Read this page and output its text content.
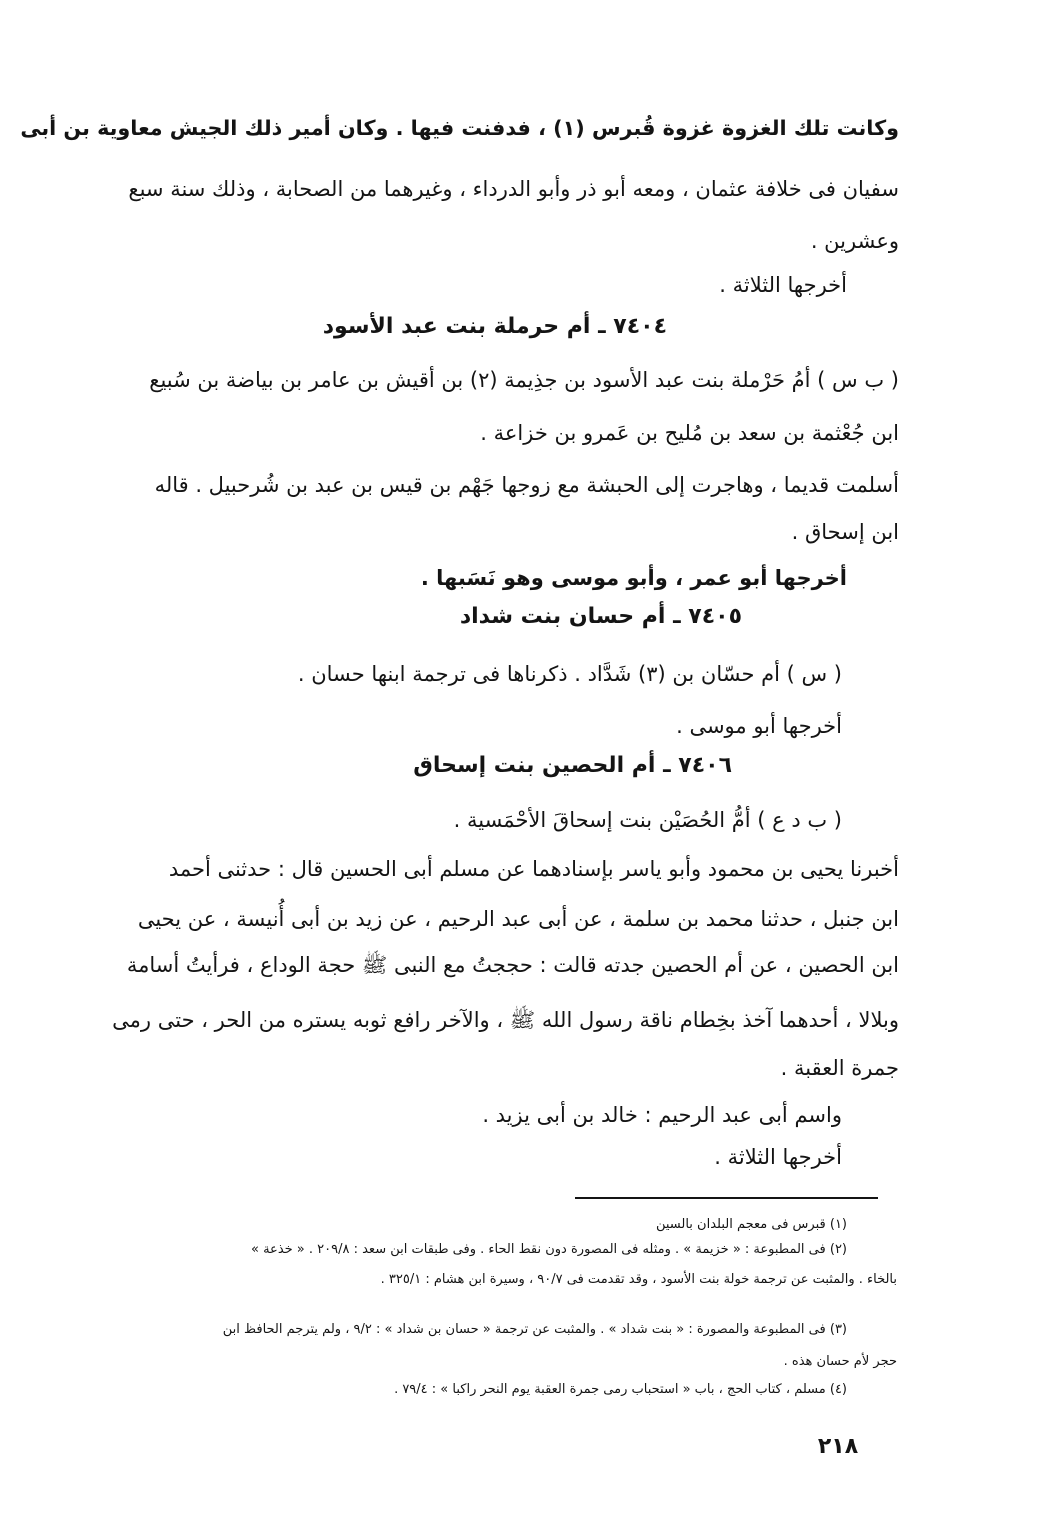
وكانت تلك الغزوة غزوة قُبرس (١) ، فدفنت فيها . وكان أمير ذلك الجيش معاوية بن أبى
سفيان فى خلافة عثمان ، ومعه أبو ذر وأبو الدرداء ، وغيرهما من الصحابة ، وذلك سنة سبع
وعشرين .
أخرجها الثلاثة .
٧٤٠٤ ـ أم حرملة بنت عبد الأسود
( ب س ) أمُ حَرْملة بنت عبد الأسود بن جذِيمة (٢) بن أقيش بن عامر بن بياضة بن سُبيع
ابن جُعْثمة بن سعد بن مُليح بن عَمرو بن خزاعة .
أسلمت قديما ، وهاجرت إلى الحبشة مع زوجها جَهْم بن قيس بن عبد بن شُرحبيل . قاله
ابن إسحاق .
أخرجها أبو عمر ، وأبو موسى وهو نَسَبها .
٧٤٠٥ ـ أم حسان بنت شداد
( س ) أم حسّان بن (٣) شَدَّاد . ذكرناها فى ترجمة ابنها حسان .
أخرجها أبو موسى .
٧٤٠٦ ـ أم الحصين بنت إسحاق
( ب د ع ) أمُّ الحُصَيْن بنت إسحاقَ الأحْمَسية .
أخبرنا يحيى بن محمود وأبو ياسر بإسنادهما عن مسلم أبى الحسين قال : حدثنى أحمد
ابن جنبل ، حدثنا محمد بن سلمة ، عن أبى عبد الرحيم ، عن زيد بن أبى أُنيسة ، عن يحيى
ابن الحصين ، عن أم الحصين جدته قالت : حججتُ مع النبى ﷺ حجة الوداع ، فرأيتُ أسامة
وبلالا ، أحدهما آخذ بخِطام ناقة رسول الله ﷺ ، والآخر رافع ثوبه يستره من الحر ، حتى رمى
جمرة العقبة .
واسم أبى عبد الرحيم : خالد بن أبى يزيد .
أخرجها الثلاثة .
(١) قبرس فى معجم البلدان بالسين
(٢) فى المطبوعة : « خزيمة » . ومثله فى المصورة دون نقط الحاء . وفى طبقات ابن سعد : ٢٠٩/٨ . « خذعة »
بالخاء . والمثبت عن ترجمة خولة بنت الأسود ، وقد تقدمت فى ٩٠/٧ ، وسيرة ابن هشام : ٣٢٥/١ .
(٣) فى المطبوعة والمصورة : « بنت شداد » . والمثبت عن ترجمة « حسان بن شداد » : ٩/٢ ، ولم يترجم الحافظ ابن
حجر لأم حسان هذه .
(٤) مسلم ، كتاب الحج ، باب « استحباب رمى جمرة العقبة يوم النحر راكبا » : ٧٩/٤ .
٢١٨
